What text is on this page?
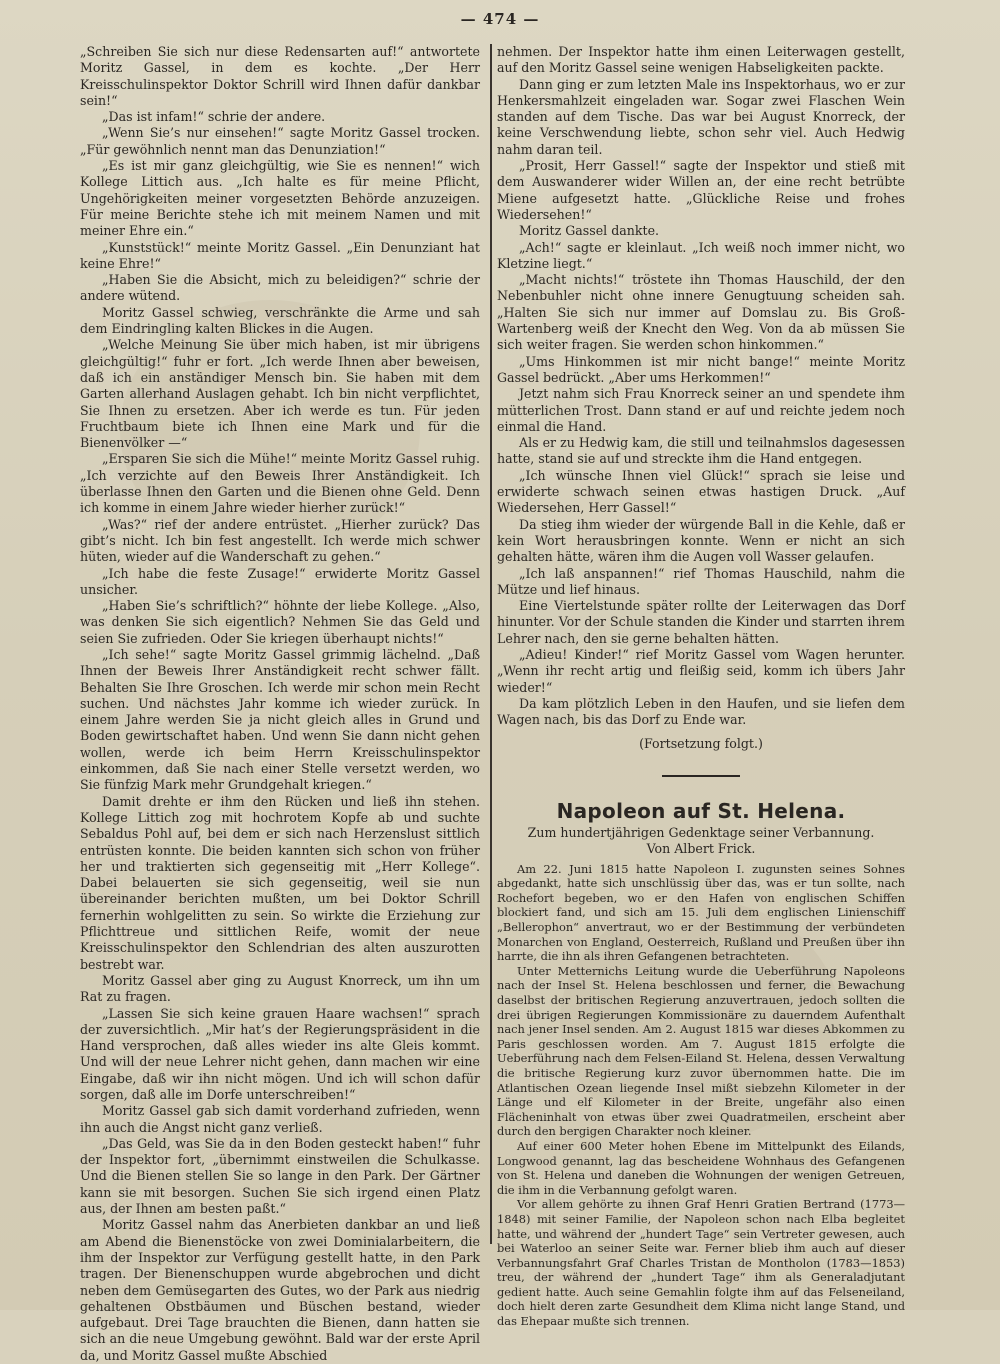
— 474 —

„Schreiben Sie sich nur diese Redensarten auf!“ antwortete Moritz Gassel, in dem es kochte. „Der Herr Kreisschulinspektor Doktor Schrill wird Ihnen dafür dankbar sein!“

„Das ist infam!“ schrie der andere.

„Wenn Sie’s nur einsehen!“ sagte Moritz Gassel trocken. „Für gewöhnlich nennt man das Denunziation!“

„Es ist mir ganz gleichgültig, wie Sie es nennen!“ wich Kollege Littich aus. „Ich halte es für meine Pflicht, Ungehörigkeiten meiner vorgesetzten Behörde anzuzeigen. Für meine Berichte stehe ich mit meinem Namen und mit meiner Ehre ein.“

„Kunststück!“ meinte Moritz Gassel. „Ein Denunziant hat keine Ehre!“

„Haben Sie die Absicht, mich zu beleidigen?“ schrie der andere wütend.

Moritz Gassel schwieg, verschränkte die Arme und sah dem Eindringling kalten Blickes in die Augen.

„Welche Meinung Sie über mich haben, ist mir übrigens gleichgültig!“ fuhr er fort. „Ich werde Ihnen aber beweisen, daß ich ein anständiger Mensch bin. Sie haben mit dem Garten allerhand Auslagen gehabt. Ich bin nicht verpflichtet, Sie Ihnen zu ersetzen. Aber ich werde es tun. Für jeden Fruchtbaum biete ich Ihnen eine Mark und für die Bienenvölker —“

„Ersparen Sie sich die Mühe!“ meinte Moritz Gassel ruhig. „Ich verzichte auf den Beweis Ihrer Anständigkeit. Ich überlasse Ihnen den Garten und die Bienen ohne Geld. Denn ich komme in einem Jahre wieder hierher zurück!“

„Was?“ rief der andere entrüstet. „Hierher zurück? Das gibt’s nicht. Ich bin fest angestellt. Ich werde mich schwer hüten, wieder auf die Wanderschaft zu gehen.“

„Ich habe die feste Zusage!“ erwiderte Moritz Gassel unsicher.

„Haben Sie’s schriftlich?“ höhnte der liebe Kollege. „Also, was denken Sie sich eigentlich? Nehmen Sie das Geld und seien Sie zufrieden. Oder Sie kriegen überhaupt nichts!“

„Ich sehe!“ sagte Moritz Gassel grimmig lächelnd. „Daß Ihnen der Beweis Ihrer Anständigkeit recht schwer fällt. Behalten Sie Ihre Groschen. Ich werde mir schon mein Recht suchen. Und nächstes Jahr komme ich wieder zurück. In einem Jahre werden Sie ja nicht gleich alles in Grund und Boden gewirtschaftet haben. Und wenn Sie dann nicht gehen wollen, werde ich beim Herrn Kreisschulinspektor einkommen, daß Sie nach einer Stelle versetzt werden, wo Sie fünfzig Mark mehr Grundgehalt kriegen.“

Damit drehte er ihm den Rücken und ließ ihn stehen. Kollege Littich zog mit hochrotem Kopfe ab und suchte Sebaldus Pohl auf, bei dem er sich nach Herzenslust sittlich entrüsten konnte. Die beiden kannten sich schon von früher her und traktierten sich gegenseitig mit „Herr Kollege“. Dabei belauerten sie sich gegenseitig, weil sie nun übereinander berichten mußten, um bei Doktor Schrill fernerhin wohlgelitten zu sein. So wirkte die Erziehung zur Pflichttreue und sittlichen Reife, womit der neue Kreisschulinspektor den Schlendrian des alten auszurotten bestrebt war.

Moritz Gassel aber ging zu August Knorreck, um ihn um Rat zu fragen.

„Lassen Sie sich keine grauen Haare wachsen!“ sprach der zuversichtlich. „Mir hat’s der Regierungspräsident in die Hand versprochen, daß alles wieder ins alte Gleis kommt. Und will der neue Lehrer nicht gehen, dann machen wir eine Eingabe, daß wir ihn nicht mögen. Und ich will schon dafür sorgen, daß alle im Dorfe unterschreiben!“

Moritz Gassel gab sich damit vorderhand zufrieden, wenn ihn auch die Angst nicht ganz verließ.

„Das Geld, was Sie da in den Boden gesteckt haben!“ fuhr der Inspektor fort, „übernimmt einstweilen die Schulkasse. Und die Bienen stellen Sie so lange in den Park. Der Gärtner kann sie mit besorgen. Suchen Sie sich irgend einen Platz aus, der Ihnen am besten paßt.“

Moritz Gassel nahm das Anerbieten dankbar an und ließ am Abend die Bienenstöcke von zwei Dominialarbeitern, die ihm der Inspektor zur Verfügung gestellt hatte, in den Park tragen. Der Bienenschuppen wurde abgebrochen und dicht neben dem Gemüsegarten des Gutes, wo der Park aus niedrig gehaltenen Obstbäumen und Büschen bestand, wieder aufgebaut. Drei Tage brauchten die Bienen, dann hatten sie sich an die neue Umgebung gewöhnt. Bald war der erste April da, und Moritz Gassel mußte Abschied

nehmen. Der Inspektor hatte ihm einen Leiterwagen gestellt, auf den Moritz Gassel seine wenigen Habseligkeiten packte.

Dann ging er zum letzten Male ins Inspektorhaus, wo er zur Henkersmahlzeit eingeladen war. Sogar zwei Flaschen Wein standen auf dem Tische. Das war bei August Knorreck, der keine Verschwendung liebte, schon sehr viel. Auch Hedwig nahm daran teil.

„Prosit, Herr Gassel!“ sagte der Inspektor und stieß mit dem Auswanderer wider Willen an, der eine recht betrübte Miene aufgesetzt hatte. „Glückliche Reise und frohes Wiedersehen!“

Moritz Gassel dankte.

„Ach!“ sagte er kleinlaut. „Ich weiß noch immer nicht, wo Kletzine liegt.“

„Macht nichts!“ tröstete ihn Thomas Hauschild, der den Nebenbuhler nicht ohne innere Genugtuung scheiden sah. „Halten Sie sich nur immer auf Domslau zu. Bis Groß-Wartenberg weiß der Knecht den Weg. Von da ab müssen Sie sich weiter fragen. Sie werden schon hinkommen.“

„Ums Hinkommen ist mir nicht bange!“ meinte Moritz Gassel bedrückt. „Aber ums Herkommen!“

Jetzt nahm sich Frau Knorreck seiner an und spendete ihm mütterlichen Trost. Dann stand er auf und reichte jedem noch einmal die Hand.

Als er zu Hedwig kam, die still und teilnahmslos dagesessen hatte, stand sie auf und streckte ihm die Hand entgegen.

„Ich wünsche Ihnen viel Glück!“ sprach sie leise und erwiderte schwach seinen etwas hastigen Druck. „Auf Wiedersehen, Herr Gassel!“

Da stieg ihm wieder der würgende Ball in die Kehle, daß er kein Wort herausbringen konnte. Wenn er nicht an sich gehalten hätte, wären ihm die Augen voll Wasser gelaufen.

„Ich laß anspannen!“ rief Thomas Hauschild, nahm die Mütze und lief hinaus.

Eine Viertelstunde später rollte der Leiterwagen das Dorf hinunter. Vor der Schule standen die Kinder und starrten ihrem Lehrer nach, den sie gerne behalten hätten.

„Adieu! Kinder!“ rief Moritz Gassel vom Wagen herunter. „Wenn ihr recht artig und fleißig seid, komm ich übers Jahr wieder!“

Da kam plötzlich Leben in den Haufen, und sie liefen dem Wagen nach, bis das Dorf zu Ende war.

(Fortsetzung folgt.)
Napoleon auf St. Helena.
Zum hundertjährigen Gedenktage seiner Verbannung.
Von Albert Frick.

Am 22. Juni 1815 hatte Napoleon I. zugunsten seines Sohnes abgedankt, hatte sich unschlüssig über das, was er tun sollte, nach Rochefort begeben, wo er den Hafen von englischen Schiffen blockiert fand, und sich am 15. Juli dem englischen Linienschiff „Bellerophon“ anvertraut, wo er der Bestimmung der verbündeten Monarchen von England, Oesterreich, Rußland und Preußen über ihn harrte, die ihn als ihren Gefangenen betrachteten.

Unter Metternichs Leitung wurde die Ueberführung Napoleons nach der Insel St. Helena beschlossen und ferner, die Bewachung daselbst der britischen Regierung anzuvertrauen, jedoch sollten die drei übrigen Regierungen Kommissionäre zu dauerndem Aufenthalt nach jener Insel senden. Am 2. August 1815 war dieses Abkommen zu Paris geschlossen worden. Am 7. August 1815 erfolgte die Ueberführung nach dem Felsen-Eiland St. Helena, dessen Verwaltung die britische Regierung kurz zuvor übernommen hatte. Die im Atlantischen Ozean liegende Insel mißt siebzehn Kilometer in der Länge und elf Kilometer in der Breite, ungefähr also einen Flächeninhalt von etwas über zwei Quadratmeilen, erscheint aber durch den bergigen Charakter noch kleiner.

Auf einer 600 Meter hohen Ebene im Mittelpunkt des Eilands, Longwood genannt, lag das bescheidene Wohnhaus des Gefangenen von St. Helena und daneben die Wohnungen der wenigen Getreuen, die ihm in die Verbannung gefolgt waren.

Vor allem gehörte zu ihnen Graf Henri Gratien Bertrand (1773—1848) mit seiner Familie, der Napoleon schon nach Elba begleitet hatte, und während der „hundert Tage“ sein Vertreter gewesen, auch bei Waterloo an seiner Seite war. Ferner blieb ihm auch auf dieser Verbannungsfahrt Graf Charles Tristan de Montholon (1783—1853) treu, der während der „hundert Tage“ ihm als Generaladjutant gedient hatte. Auch seine Gemahlin folgte ihm auf das Felseneiland, doch hielt deren zarte Gesundheit dem Klima nicht lange Stand, und das Ehepaar mußte sich trennen.
